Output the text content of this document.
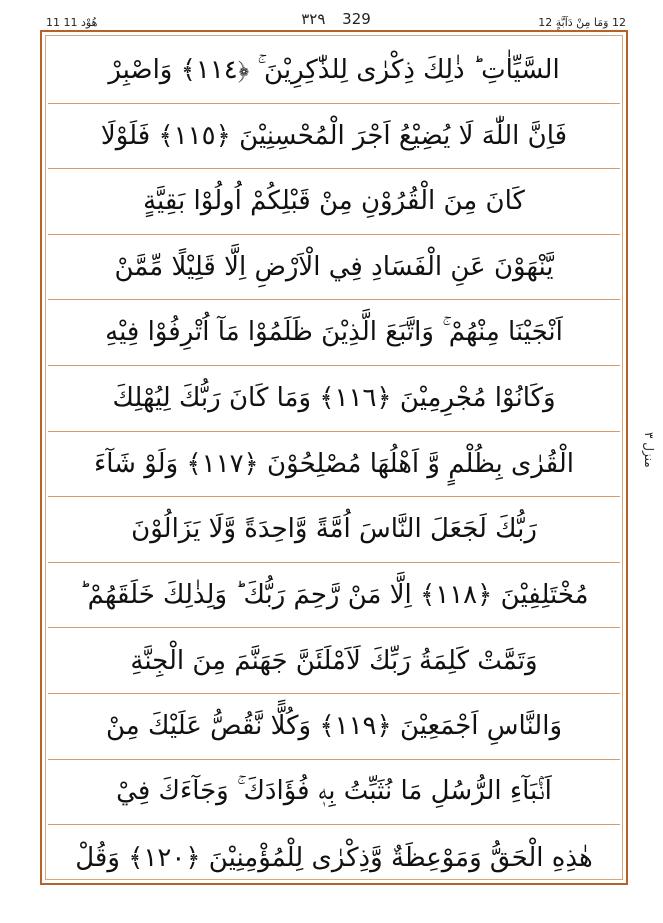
11 هُوْد 11	٣٢٩ 329	12 وَمَا مِنْ دَآبَّةٍ 12
السَّيِّاٰتِ ؕ ذٰلِكَ ذِكْرٰى لِلذّٰكِرِيْنَ ۚ ﴿١١٤﴾ وَاصْبِرْ
فَاِنَّ اللّٰهَ لَا يُضِيْعُ اَجْرَ الْمُحْسِنِيْنَ ﴿١١٥﴾ فَلَوْلَا
كَانَ مِنَ الْقُرُوْنِ مِنْ قَبْلِكُمْ اُولُوْا بَقِيَّةٍ
يَّنْهَوْنَ عَنِ الْفَسَادِ فِي الْاَرْضِ اِلَّا قَلِيْلًا مِّمَّنْ
اَنْجَيْنَا مِنْهُمْ ۚ وَاتَّبَعَ الَّذِيْنَ ظَلَمُوْا مَآ اُتْرِفُوْا فِيْهِ
وَكَانُوْا مُجْرِمِيْنَ ﴿١١٦﴾ وَمَا كَانَ رَبُّكَ لِيُهْلِكَ
الْقُرٰى بِظُلْمٍ وَّ اَهْلُهَا مُصْلِحُوْنَ ﴿١١٧﴾ وَلَوْ شَآءَ
رَبُّكَ لَجَعَلَ النَّاسَ اُمَّةً وَّاحِدَةً وَّلَا يَزَالُوْنَ
مُخْتَلِفِيْنَ ﴿١١٨﴾ اِلَّا مَنْ رَّحِمَ رَبُّكَ ؕ وَلِذٰلِكَ خَلَقَهُمْ ؕ
وَتَمَّتْ كَلِمَةُ رَبِّكَ لَاَمْلَئَنَّ جَهَنَّمَ مِنَ الْجِنَّةِ
وَالنَّاسِ اَجْمَعِيْنَ ﴿١١٩﴾ وَكُلًّا نَّقُصُّ عَلَيْكَ مِنْ
اَنْۢبَآءِ الرُّسُلِ مَا نُثَبِّتُ بِهٖ فُؤَادَكَ ۚ وَجَآءَكَ فِيْ
هٰذِهِ الْحَقُّ وَمَوْعِظَةٌ وَّذِكْرٰى لِلْمُؤْمِنِيْنَ ﴿١٢٠﴾ وَقُلْ
منزل ٣
